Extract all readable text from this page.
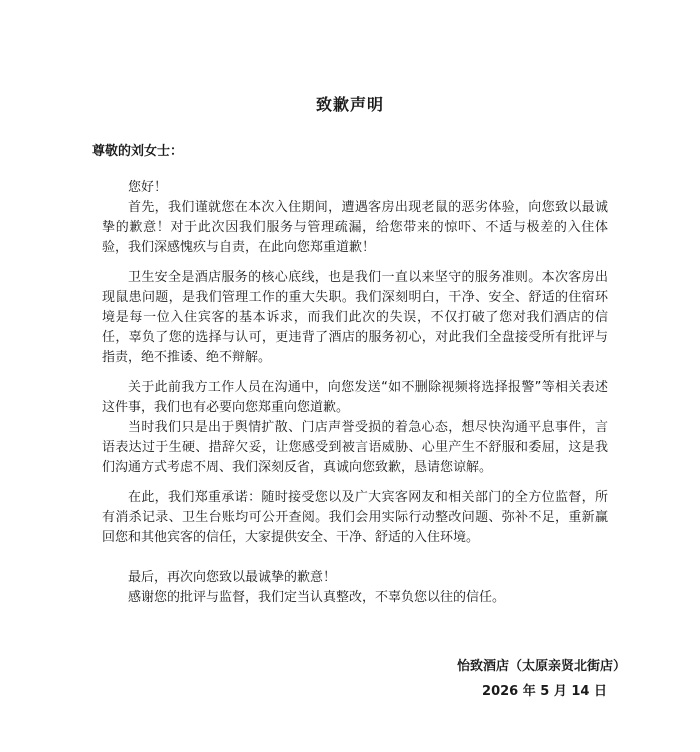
致歉声明
尊敬的刘女士：

您好！

首先，我们谨就您在本次入住期间，遭遇客房出现老鼠的恶劣体验，向您致以最诚挚的歉意！对于此次因我们服务与管理疏漏，给您带来的惊吓、不适与极差的入住体验，我们深感愧疚与自责，在此向您郑重道歉！

卫生安全是酒店服务的核心底线，也是我们一直以来坚守的服务准则。本次客房出现鼠患问题，是我们管理工作的重大失职。我们深刻明白，干净、安全、舒适的住宿环境是每一位入住宾客的基本诉求，而我们此次的失误，不仅打破了您对我们酒店的信任，辜负了您的选择与认可，更违背了酒店的服务初心，对此我们全盘接受所有批评与指责，绝不推诿、绝不辩解。

关于此前我方工作人员在沟通中，向您发送“如不删除视频将选择报警”等相关表述这件事，我们也有必要向您郑重向您道歉。

当时我们只是出于舆情扩散、门店声誉受损的着急心态，想尽快沟通平息事件，言语表达过于生硬、措辞欠妥，让您感受到被言语威胁、心里产生不舒服和委屈，这是我们沟通方式考虑不周、我们深刻反省，真诚向您致歉，恳请您谅解。

在此，我们郑重承诺：随时接受您以及广大宾客网友和相关部门的全方位监督，所有消杀记录、卫生台账均可公开查阅。我们会用实际行动整改问题、弥补不足，重新赢回您和其他宾客的信任，大家提供安全、干净、舒适的入住环境。

最后，再次向您致以最诚挚的歉意！

感谢您的批评与监督，我们定当认真整改，不辜负您以往的信任。

怡致酒店（太原亲贤北街店）
2026 年 5 月 14 日
